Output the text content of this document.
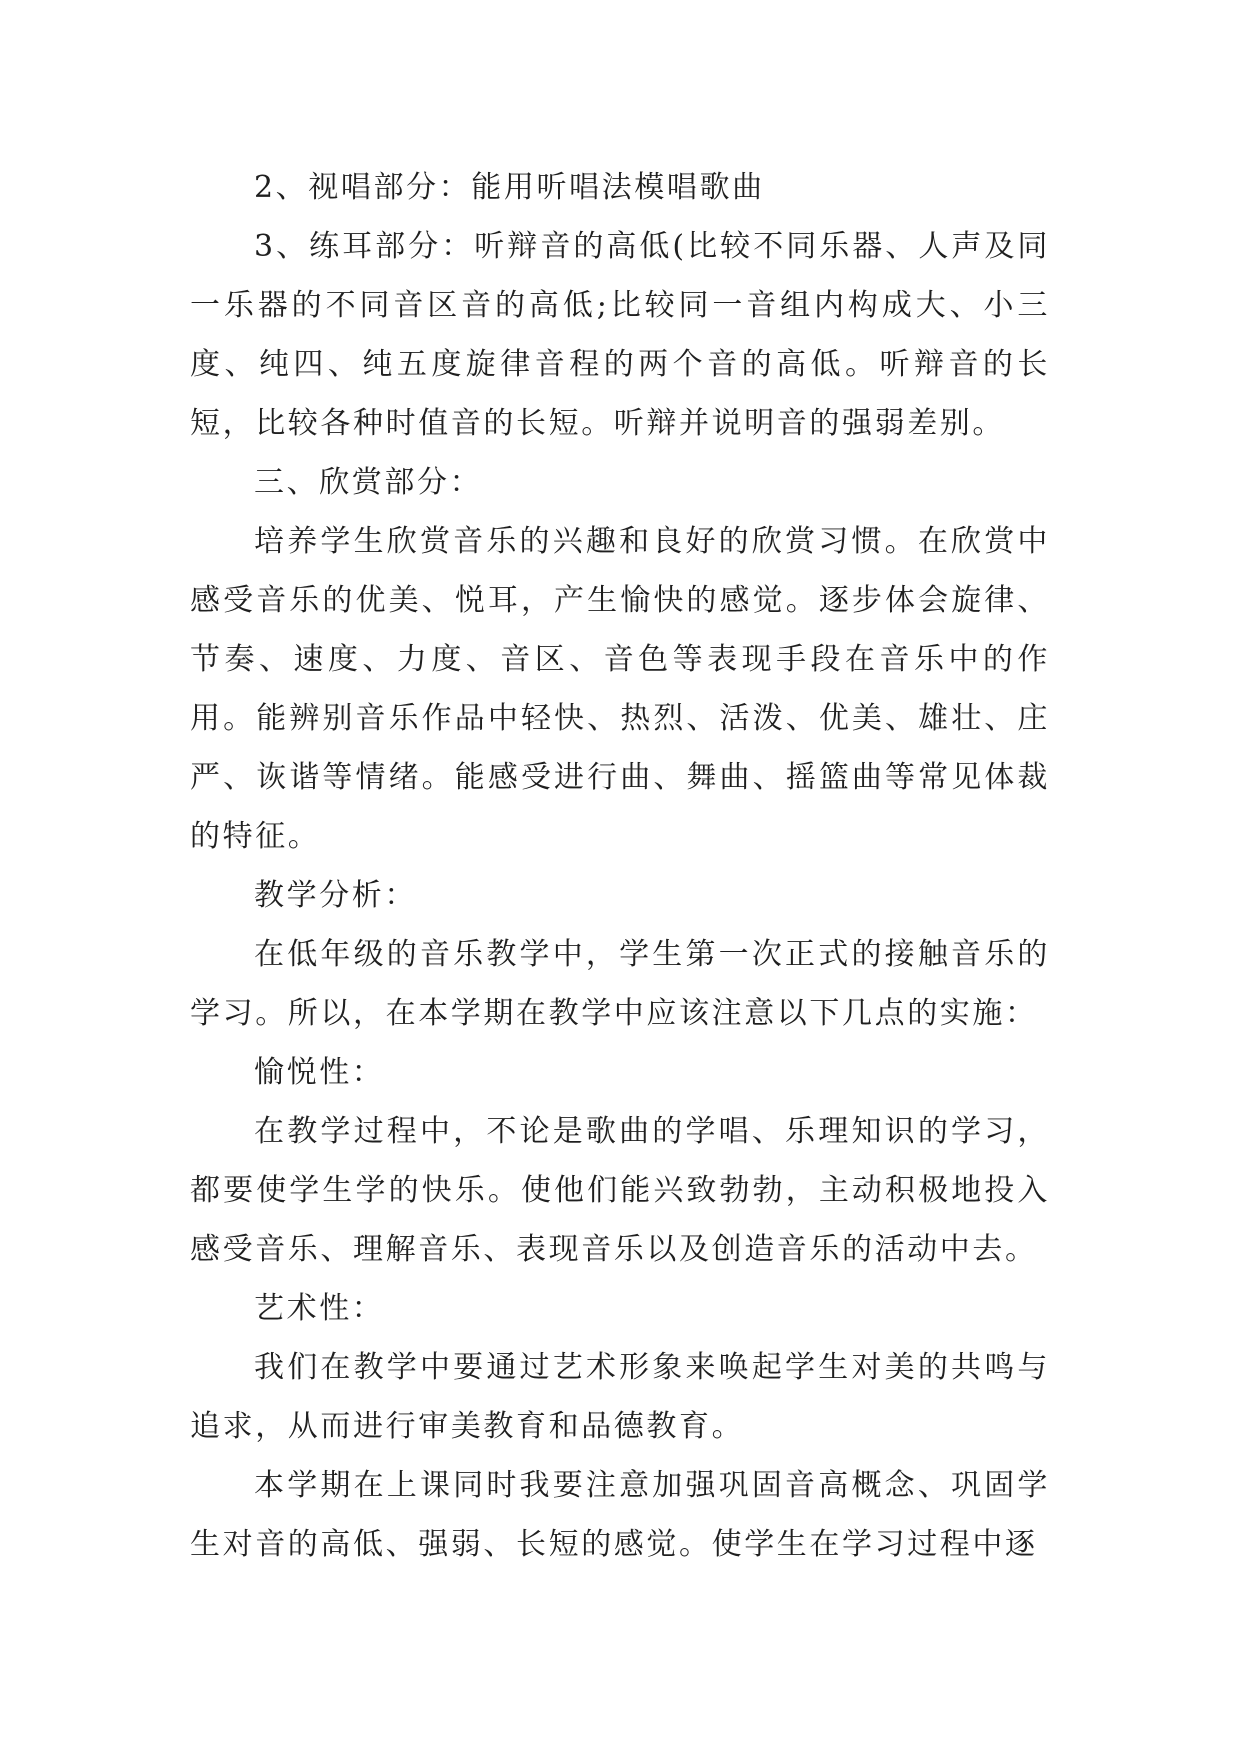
2、视唱部分：能用听唱法模唱歌曲

3、练耳部分：听辩音的高低(比较不同乐器、人声及同一乐器的不同音区音的高低;比较同一音组内构成大、小三度、纯四、纯五度旋律音程的两个音的高低。听辩音的长短，比较各种时值音的长短。听辩并说明音的强弱差别。

三、欣赏部分：

培养学生欣赏音乐的兴趣和良好的欣赏习惯。在欣赏中感受音乐的优美、悦耳，产生愉快的感觉。逐步体会旋律、节奏、速度、力度、音区、音色等表现手段在音乐中的作用。能辨别音乐作品中轻快、热烈、活泼、优美、雄壮、庄严、诙谐等情绪。能感受进行曲、舞曲、摇篮曲等常见体裁的特征。

教学分析：

在低年级的音乐教学中，学生第一次正式的接触音乐的学习。所以，在本学期在教学中应该注意以下几点的实施：

愉悦性：

在教学过程中，不论是歌曲的学唱、乐理知识的学习，都要使学生学的快乐。使他们能兴致勃勃，主动积极地投入感受音乐、理解音乐、表现音乐以及创造音乐的活动中去。

艺术性：

我们在教学中要通过艺术形象来唤起学生对美的共鸣与追求，从而进行审美教育和品德教育。

本学期在上课同时我要注意加强巩固音高概念、巩固学生对音的高低、强弱、长短的感觉。使学生在学习过程中逐
